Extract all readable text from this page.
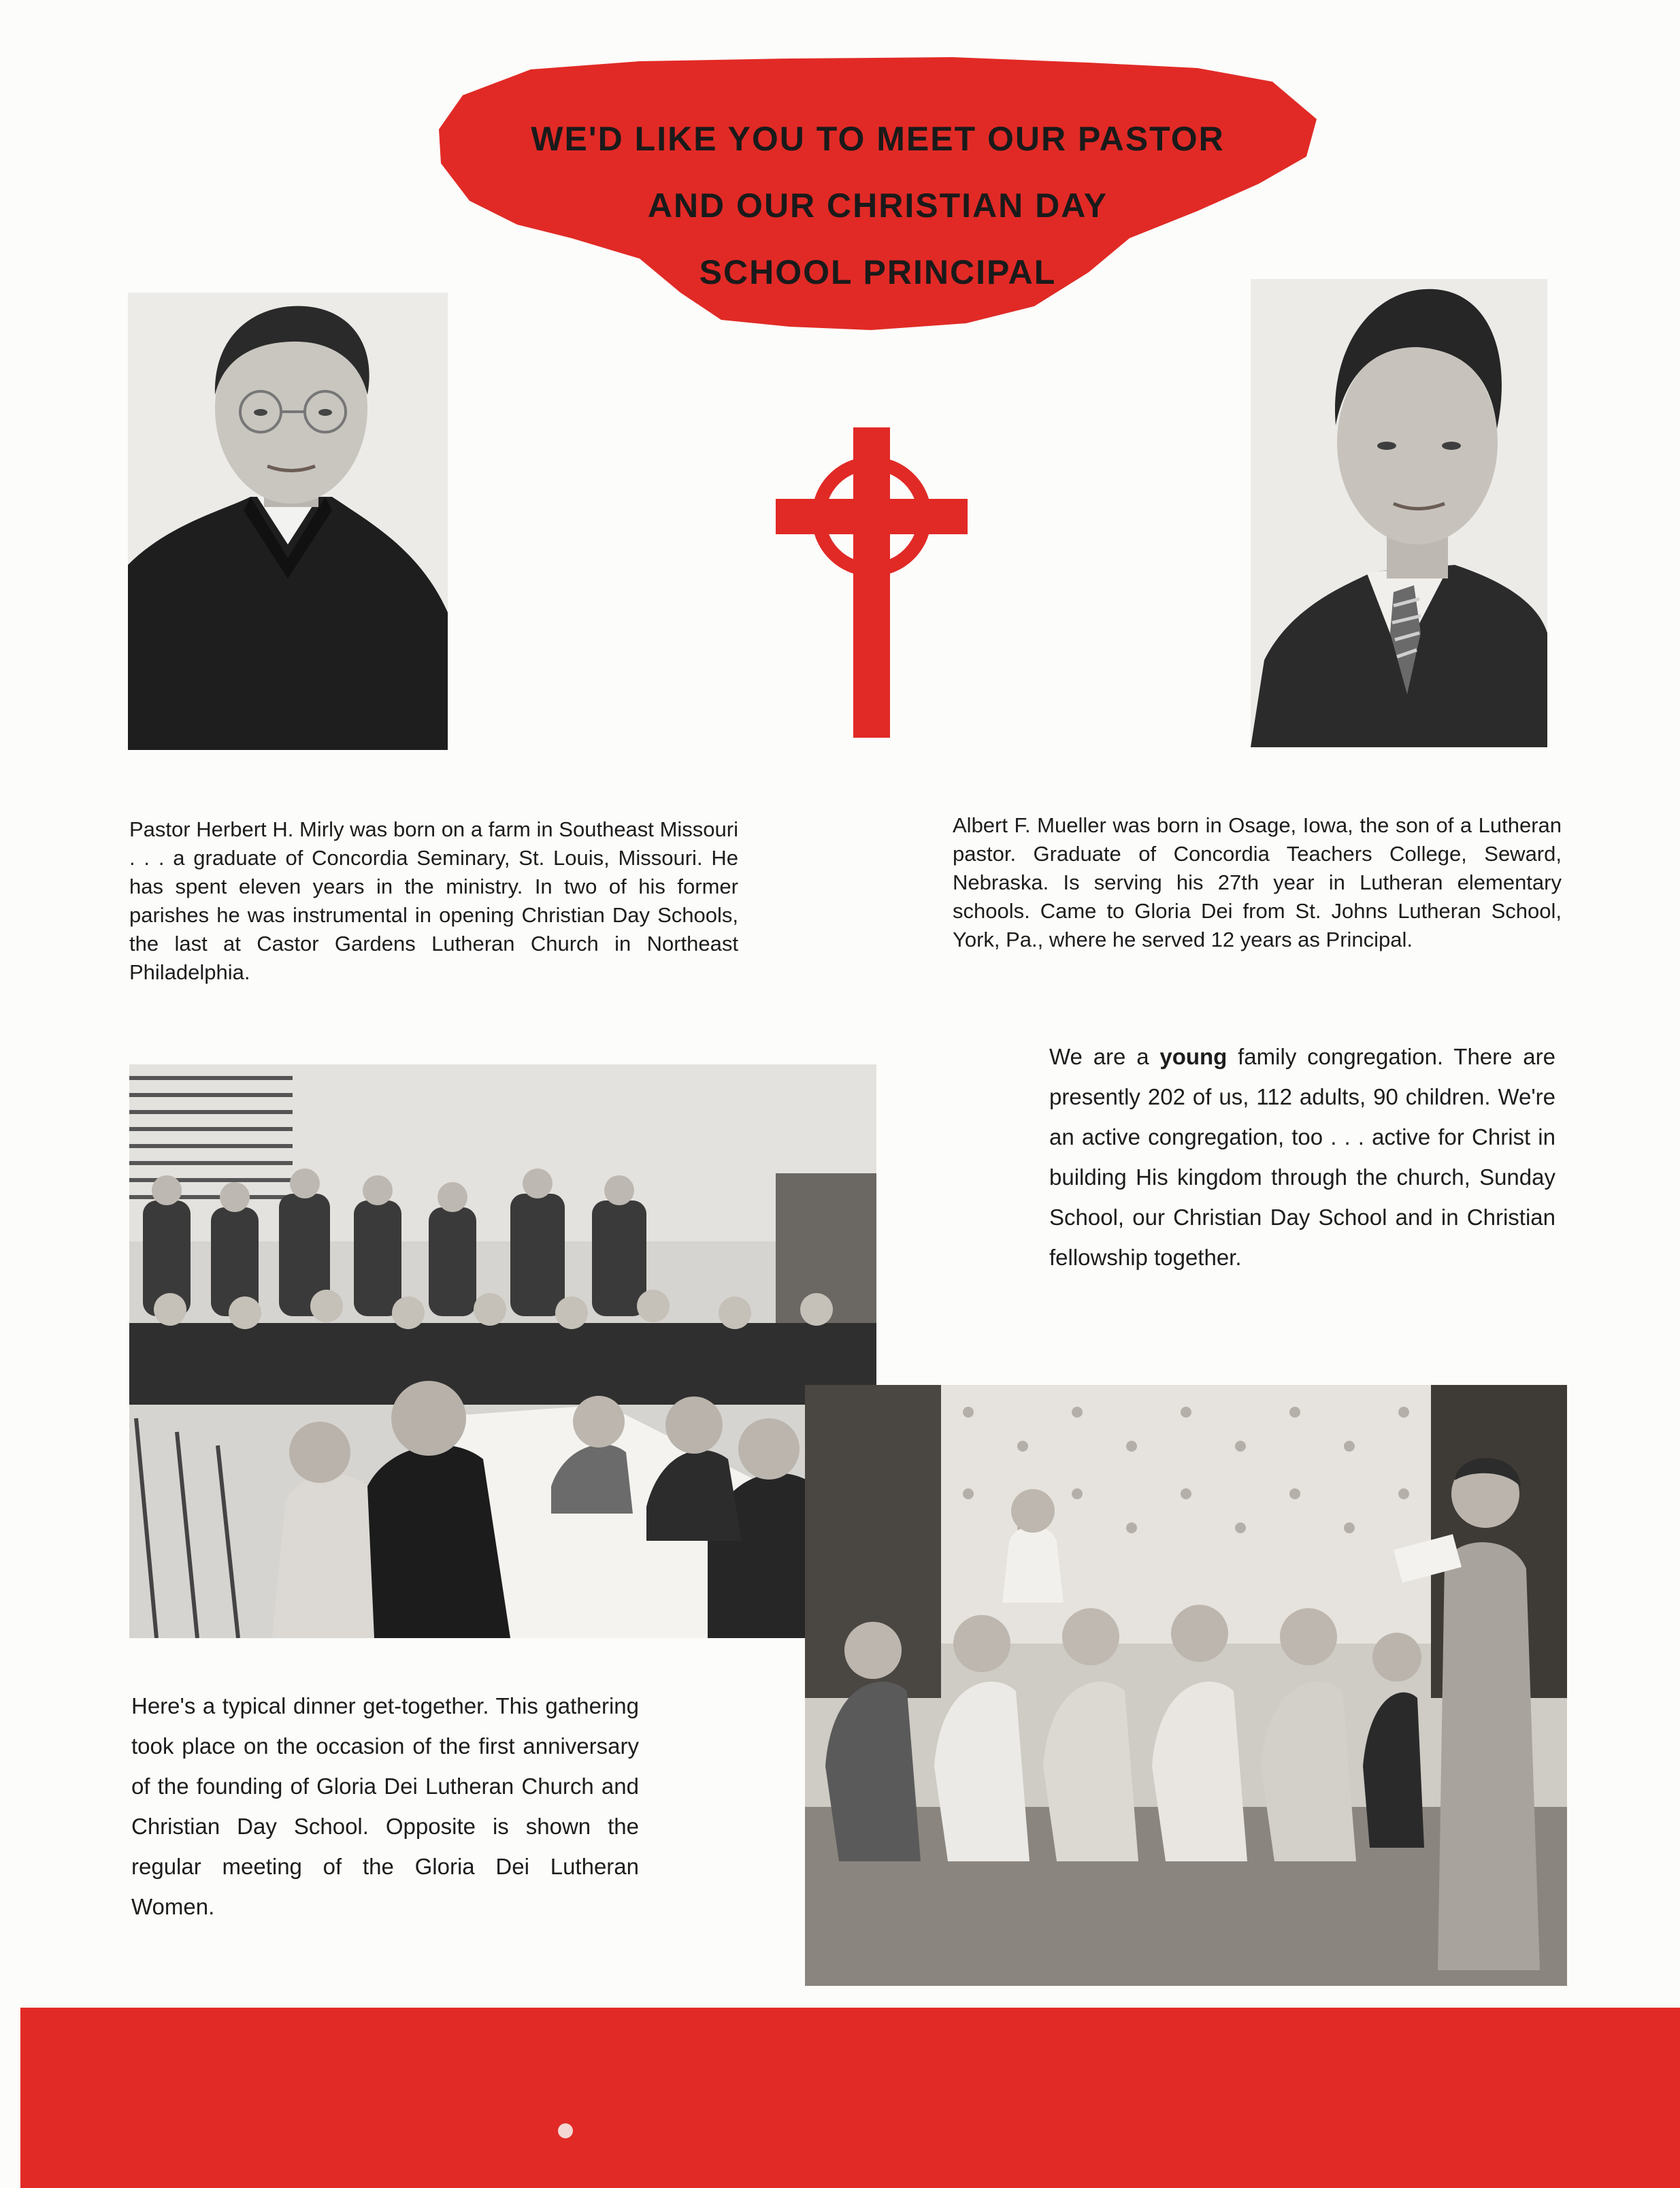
WE'D LIKE YOU TO MEET OUR PASTOR
AND OUR CHRISTIAN DAY
SCHOOL PRINCIPAL
Pastor Herbert H. Mirly was born on a farm in Southeast Missouri . . . a graduate of Concordia Seminary, St. Louis, Missouri. He has spent eleven years in the ministry. In two of his former parishes he was instrumental in opening Christian Day Schools, the last at Castor Gardens Lutheran Church in Northeast Philadelphia.
Albert F. Mueller was born in Osage, Iowa, the son of a Lutheran pastor. Graduate of Concordia Teachers College, Seward, Nebraska. Is serving his 27th year in Lutheran elementary schools. Came to Gloria Dei from St. Johns Lutheran School, York, Pa., where he served 12 years as Principal.
We are a young family congregation. There are presently 202 of us, 112 adults, 90 children. We're an active congregation, too . . . active for Christ in building His kingdom through the church, Sunday School, our Christian Day School and in Christian fellowship together.
Here's a typical dinner get-together. This gathering took place on the occasion of the first anniversary of the founding of Gloria Dei Lutheran Church and Christian Day School. Opposite is shown the regular meeting of the Gloria Dei Lutheran Women.
